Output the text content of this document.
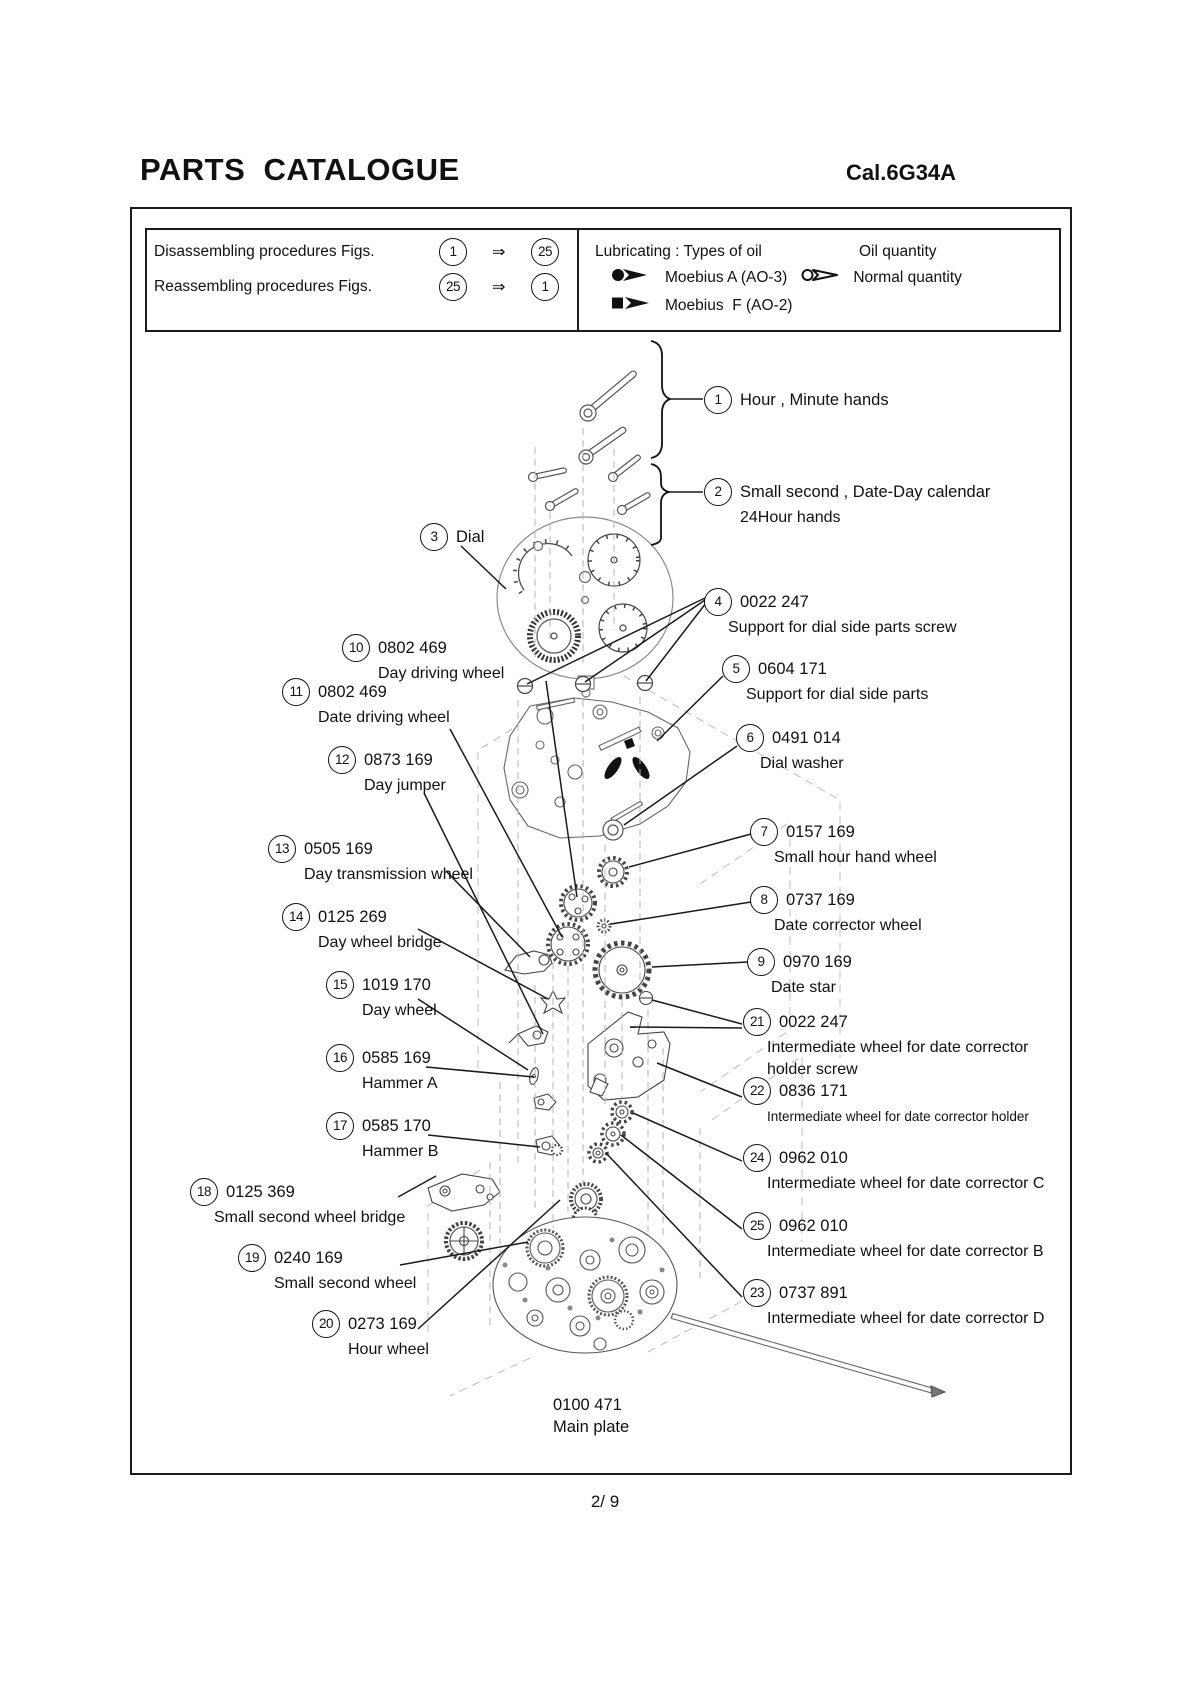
PARTS  CATALOGUE	Cal.6G34A
Disassembling procedures Figs.	1	⇒	25
Reassembling procedures Figs.	25	⇒	1
Lubricating : Types of oil	Oil quantity
Moebius A (AO-3)	Normal quantity
Moebius  F (AO-2)
1	Hour , Minute hands
2	Small second , Date-Day calendar
24Hour hands
3	Dial
4	0022 247
Support for dial side parts screw
5	0604 171
Support for dial side parts
6	0491 014
Dial washer
7	0157 169
Small hour hand wheel
8	0737 169
Date corrector wheel
9	0970 169
Date star
10 0802 469
Day driving wheel
11 0802 469
Date driving wheel
12 0873 169
Day jumper
13 0505 169
Day transmission wheel
14 0125 269
Day wheel bridge
15 1019 170
Day wheel
16 0585 169
Hammer A
17 0585 170
Hammer B
18 0125 369
Small second wheel bridge
19 0240 169
Small second wheel
20 0273 169
Hour wheel
21 0022 247
Intermediate wheel for date corrector
holder screw
22 0836 171
Intermediate wheel for date corrector holder
24 0962 010
Intermediate wheel for date corrector C
25 0962 010
Intermediate wheel for date corrector B
23 0737 891
Intermediate wheel for date corrector D
0100 471
Main plate
2/ 9
